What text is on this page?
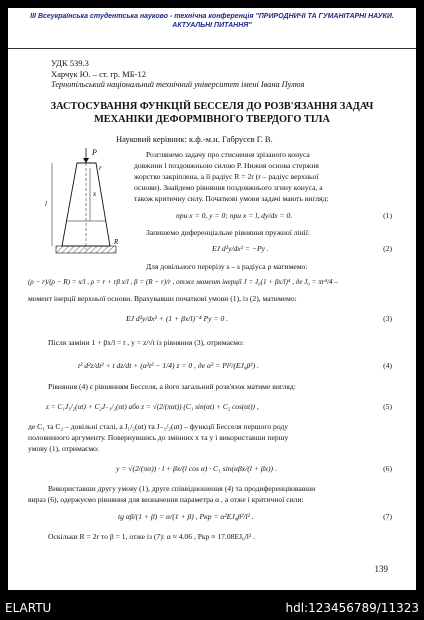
III Всеукраїнська студентська науково - технічна конференція "ПРИРОДНИЧІ ТА ГУМАНІТАРНІ НАУКИ.
АКТУАЛЬНІ ПИТАННЯ"
УДК 539.3
Харчук Ю. – ст. гр. МБ-12
Тернопільський національний технічний університет імені Івана Пулюя
ЗАСТОСУВАННЯ ФУНКЦІЙ БЕССЕЛЯ ДО РОЗВ'ЯЗАННЯ ЗАДАЧ
МЕХАНІКИ ДЕФОРМІВНОГО ТВЕРДОГО ТІЛА
Науковий керівник: к.ф.-м.н. Габрусєв Г. В.
P
r
x
l
R
Розглянемо задачу про стиснення зрізаного конуса
довжини l поздовжньою силою P. Нижня основа стержня
жорстко закріплена, а її радіус R = 2r (r – радіус верхньої
основи). Знайдемо рівняння поздовжнього згину конуса, а
також критичну силу. Початкові умови задачі мають вигляд:
при x = 0, y = 0; при x = l, dy/dx = 0.	(1)
Запишемо диференціальне рівняння пружної лінії:
EJ d²y/dx² = −Py .	(2)
Для довільного перерізу s – s радіуса ρ матимемо:
(ρ − r)/(ρ − R) = x/l , ρ = r + rβ x/l , β = (R − r)/r , отже момент інерції J = J₀(1 + βx/l)⁴ , де J₀ = πr⁴/4 –
момент інерції верхньої основи. Врахувавши початкові умови (1), із (2), матимемо:
EJ d²y/dx² + (1 + βx/l)⁻⁴ Py = 0 .	(3)
Після заміни 1 + βx/l = t , y = z/√t із рівняння (3), отримаємо:
t² d²z/dt² + t dz/dt + (α²t² − 1/4) z = 0 , де α² = Pl²/(EJ₀β²) .	(4)
Рівняння (4) є рівнянням Бесселя, а його загальний розв'язок матиме вигляд:
z = C₁J₁/₂(αt) + C₂J₋₁/₂(αt) або z = √(2/(παt)) (C₁ sin(αt) + C₂ cos(αt)) ,	(5)
де C₁ та C₂ – довільні сталі, а J₁/₂(αt) та J₋₁/₂(αt) – функції Бесселя першого роду
половинного аргументу. Повернувшись до змінних x та y і використавши першу
умову (1), отримаємо:
y = √(2/(πα)) · l + βx/(l cos α) · C₁ sin(αβx/(l + βx)) .	(6)
Використавши другу умову (1), друге співвідношення (4) та продиференціювавши
вираз (6), одержуємо рівняння для визначення параметра α , а отже і критичної сили:
tg αβ/(1 + β) = α/(1 + β) , Pкр = α²EJ₀β²/l² .	(7)
Оскільки R = 2r то β = 1, отже із (7): α ≈ 4.06 , Pкр ≈ 17.08EJ₀/l² .
139
ELARTU	hdl:123456789/11323
